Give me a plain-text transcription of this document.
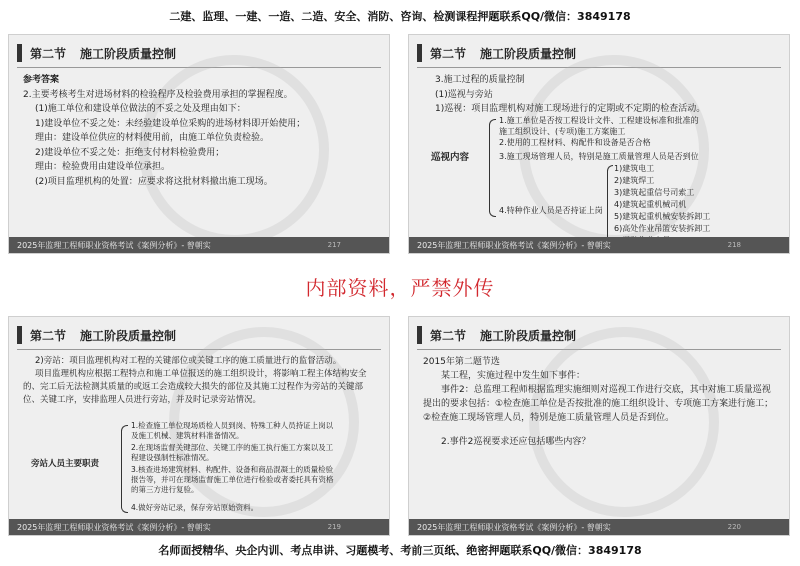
二建、监理、一建、一造、二造、安全、消防、咨询、检测课程押题联系QQ/微信：3849178
第二节 施工阶段质量控制

参考答案

2.主要考核考生对进场材料的检验程序及检验费用承担的掌握程度。

(1)施工单位和建设单位做法的不妥之处及理由如下：

1)建设单位不妥之处：未经验建设单位采购的进场材料即开始使用；

理由：建设单位供应的材料使用前，由施工单位负责检验。

2)建设单位不妥之处：拒绝支付材料检验费用；

理由：检验费用由建设单位承担。

(2)项目监理机构的处置：应要求将这批材料撤出施工现场。

2025年监理工程师职业资格考试《案例分析》- 曾朝实	217
第二节 施工阶段质量控制

3.施工过程的质量控制

(1)巡视与旁站

1)巡视：项目监理机构对施工现场进行的定期或不定期的检查活动。

巡视内容
1.施工单位是否按工程设计文件、工程建设标准和批准的施工组织设计、(专项)施工方案施工
2.使用的工程材料、构配件和设备是否合格
3.施工现场管理人员，特别是施工质量管理人员是否到位
4.特种作业人员是否持证上岗
1)建筑电工
2)建筑焊工
3)建筑起重信号司索工
4)建筑起重机械司机
5)建筑起重机械安装拆卸工
6)高处作业吊篮安装拆卸工
2025年监理工程师职业资格考试《案例分析》- 曾朝实	218
内部资料，严禁外传
第二节 施工阶段质量控制

2)旁站：项目监理机构对工程的关键部位或关键工序的施工质量进行的监督活动。

项目监理机构应根据工程特点和施工单位报送的施工组织设计，将影响工程主体结构安全的、完工后无法检测其质量的或返工会造成较大损失的部位及其施工过程作为旁站的关键部位、关键工序，安排监理人员进行旁站，并及时记录旁站情况。

旁站人员主要职责
1.检查施工单位现场质检人员到岗、特殊工种人员持证上岗以及施工机械、建筑材料准备情况。
2.在现场监督关键部位、关键工序的施工执行施工方案以及工程建设强制性标准情况。
3.核查进场建筑材料、构配件、设备和商品混凝土的质量检验报告等，并可在现场监督施工单位进行检验或者委托具有资格的第三方进行复验。
4.做好旁站记录，保存旁站原始资料。
2025年监理工程师职业资格考试《案例分析》- 曾朝实	219
第二节 施工阶段质量控制

2015年第二题节选

某工程，实施过程中发生如下事件：

事件2：总监理工程师根据监理实施细则对巡视工作进行交底，其中对施工质量巡视提出的要求包括：①检查施工单位是否按批准的施工组织设计、专项施工方案进行施工；②检查施工现场管理人员，特别是施工质量管理人员是否到位。

2.事件2巡视要求还应包括哪些内容？

2025年监理工程师职业资格考试《案例分析》- 曾朝实	220
名师面授精华、央企内训、考点串讲、习题模考、考前三页纸、绝密押题联系QQ/微信：3849178
